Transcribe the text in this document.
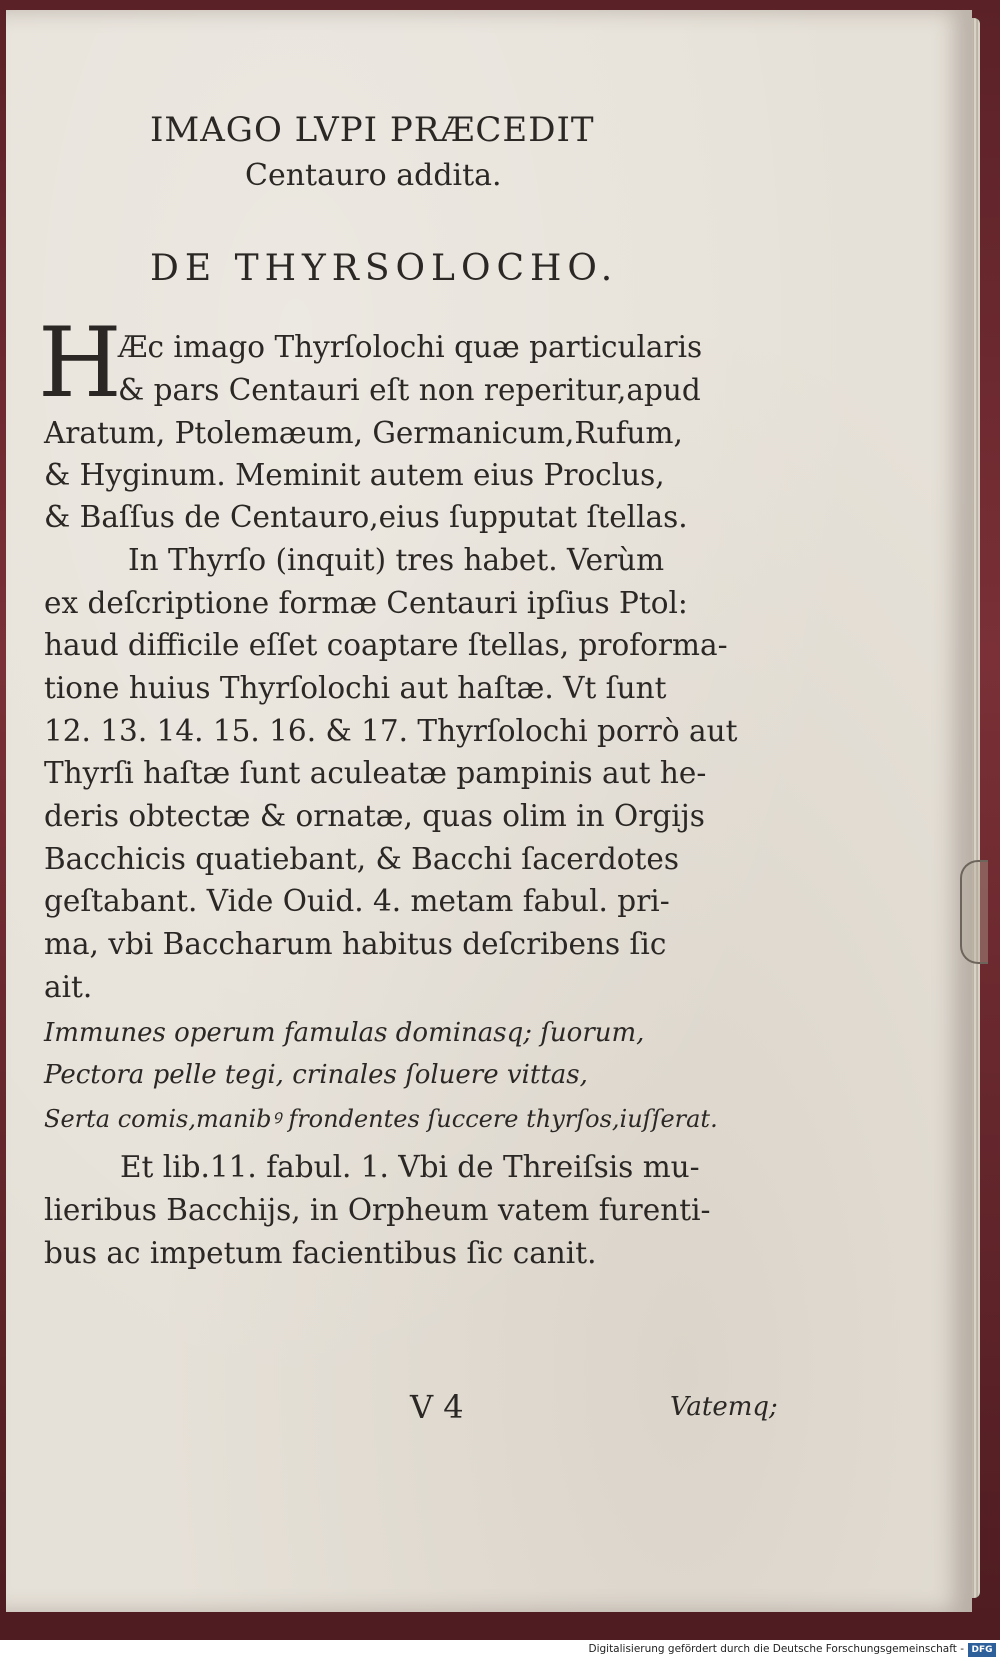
IMAGO LVPI PRÆCEDIT
Centauro addita.
DE THYRSOLOCHO.
H
Æc imago Thyrſolochi quæ particularis
& pars Centauri eſt non reperitur,apud
Aratum, Ptolemæum, Germanicum,Rufum,
& Hyginum. Meminit autem eius Proclus,
& Baſſus de Centauro,eius ſupputat ſtellas.
In Thyrſo (inquit) tres habet. Verùm
ex deſcriptione formæ Centauri ipſius Ptol:
haud difficile eſſet coaptare ſtellas, proforma-
tione huius Thyrſolochi aut haſtæ. Vt ſunt
12. 13. 14. 15. 16. & 17. Thyrſolochi porrò aut
Thyrſi haſtæ ſunt aculeatæ pampinis aut he-
deris obtectæ & ornatæ, quas olim in Orgijs
Bacchicis quatiebant, & Bacchi ſacerdotes
geſtabant. Vide Ouid. 4. metam fabul. pri-
ma, vbi Baccharum habitus deſcribens ſic
ait.
Immunes operum famulas dominasq; ſuorum,
Pectora pelle tegi, crinales ſoluere vittas,
Serta comis,manibꝰ frondentes ſuccere thyrſos,iuſſerat.
Et lib.11. fabul. 1. Vbi de Threiſsis mu-
lieribus Bacchijs, in Orpheum vatem furenti-
bus ac impetum facientibus ſic canit.
V 4	Vatemq;
Digitalisierung gefördert durch die Deutsche Forschungsgemeinschaft - DFG
